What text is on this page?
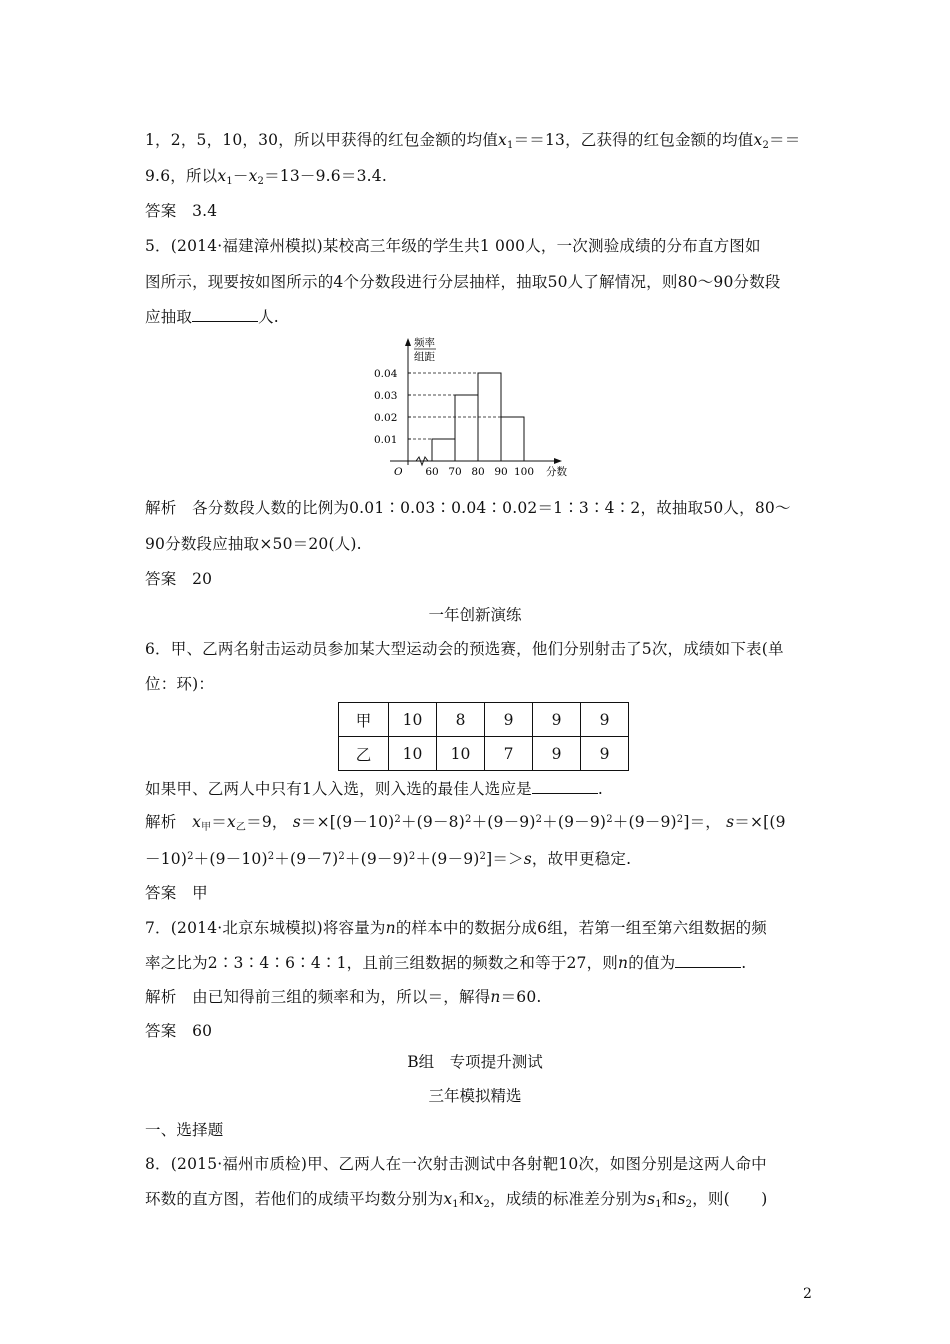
1，2，5，10，30，所以甲获得的红包金额的均值$x_1==13$，乙获得的红包金额的均值$x_2==$
9.6，所以$x_1-x_2=13-9.6=3.4$.
答案　3.4
5．(2014·福建漳州模拟)某校高三年级的学生共1 000人，一次测验成绩的分布直方图如
图所示，现要按如图所示的4个分数段进行分层抽样，抽取50人了解情况，则80～90分数段
应抽取	人.
频率
组距
0.01
0.02
0.03
0.04
60 70 80 90 100 分数
O
解析　各分数段人数的比例为0.01∶0.03∶0.04∶0.02＝1∶3∶4∶2，故抽取50人，80～
90分数段应抽取×50＝20(人).
答案　20
一年创新演练
6．甲、乙两名射击运动员参加某大型运动会的预选赛，他们分别射击了5次，成绩如下表(单
位：环)：
甲	10	8	9	9	9
乙	10	10	7	9	9
如果甲、乙两人中只有1人入选，则入选的最佳人选应是	.
解析　$x_甲=x_乙=9$， $s=\times[(9-10)^2+(9-8)^2+(9-9)^2+(9-9)^2+(9-9)^2]=$， s＝×[(9
$-10)^2+(9-10)^2+(9-7)^2+(9-9)^2+(9-9)^2]=>s$，故甲更稳定.
答案　甲
7．(2014·北京东城模拟)将容量为n的样本中的数据分成6组，若第一组至第六组数据的频
率之比为2∶3∶4∶6∶4∶1，且前三组数据的频数之和等于27，则n的值为	.
解析　由已知得前三组的频率和为，所以＝，解得n＝60.
答案　60
B组　专项提升测试
三年模拟精选
一、选择题
8．(2015·福州市质检)甲、乙两人在一次射击测试中各射靶10次，如图分别是这两人命中
环数的直方图，若他们的成绩平均数分别为$x_1$和$x_2$，成绩的标准差分别为$s_1$和$s_2$，则(　　)
2
